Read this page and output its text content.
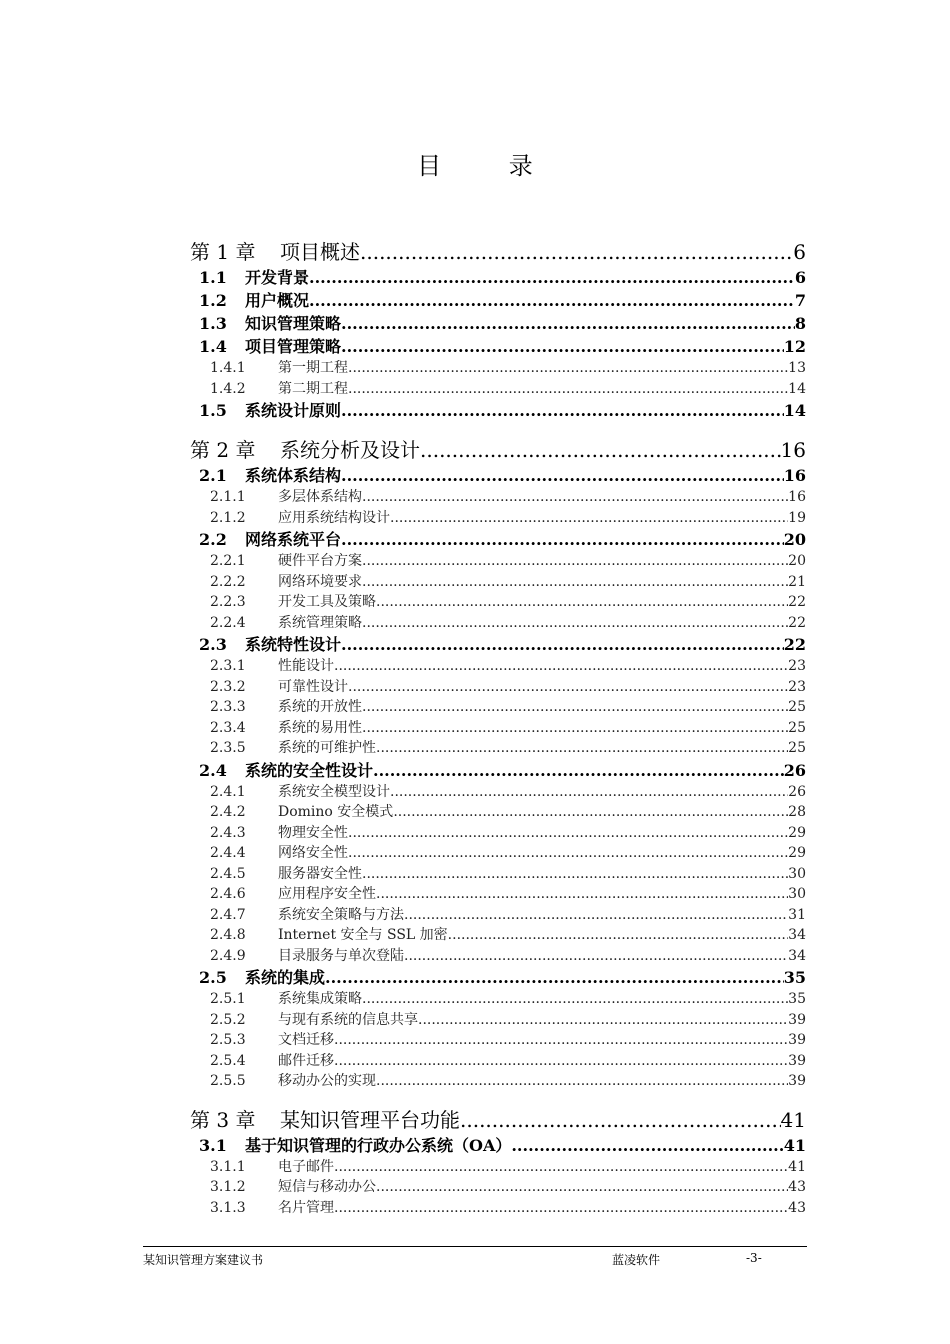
目 录
第 1 章	项目概述 .....	6
1.1	开发背景 .....	6
1.2	用户概况 .....	7
1.3	知识管理策略 .....	8
1.4	项目管理策略 .....	12
1.4.1	第一期工程 .....	13
1.4.2	第二期工程 .....	14
1.5	系统设计原则 .....	14
第 2 章	系统分析及设计 .....	16
2.1	系统体系结构 .....	16
2.1.1	多层体系结构 .....	16
2.1.2	应用系统结构设计 .....	19
2.2	网络系统平台 .....	20
2.2.1	硬件平台方案 .....	20
2.2.2	网络环境要求 .....	21
2.2.3	开发工具及策略 .....	22
2.2.4	系统管理策略 .....	22
2.3	系统特性设计 .....	22
2.3.1	性能设计 .....	23
2.3.2	可靠性设计 .....	23
2.3.3	系统的开放性 .....	25
2.3.4	系统的易用性 .....	25
2.3.5	系统的可维护性 .....	25
2.4	系统的安全性设计 .....	26
2.4.1	系统安全模型设计 .....	26
2.4.2	Domino 安全模式 .....	28
2.4.3	物理安全性 .....	29
2.4.4	网络安全性 .....	29
2.4.5	服务器安全性 .....	30
2.4.6	应用程序安全性 .....	30
2.4.7	系统安全策略与方法 .....	31
2.4.8	Internet 安全与 SSL 加密 .....	34
2.4.9	目录服务与单次登陆 .....	34
2.5	系统的集成 .....	35
2.5.1	系统集成策略 .....	35
2.5.2	与现有系统的信息共享 .....	39
2.5.3	文档迁移 .....	39
2.5.4	邮件迁移 .....	39
2.5.5	移动办公的实现 .....	39
第 3 章	某知识管理平台功能 .....	41
3.1	基于知识管理的行政办公系统（OA） .....	41
3.1.1	电子邮件 .....	41
3.1.2	短信与移动办公 .....	43
3.1.3	名片管理 .....	43
某知识管理方案建议书	蓝凌软件	-3-
